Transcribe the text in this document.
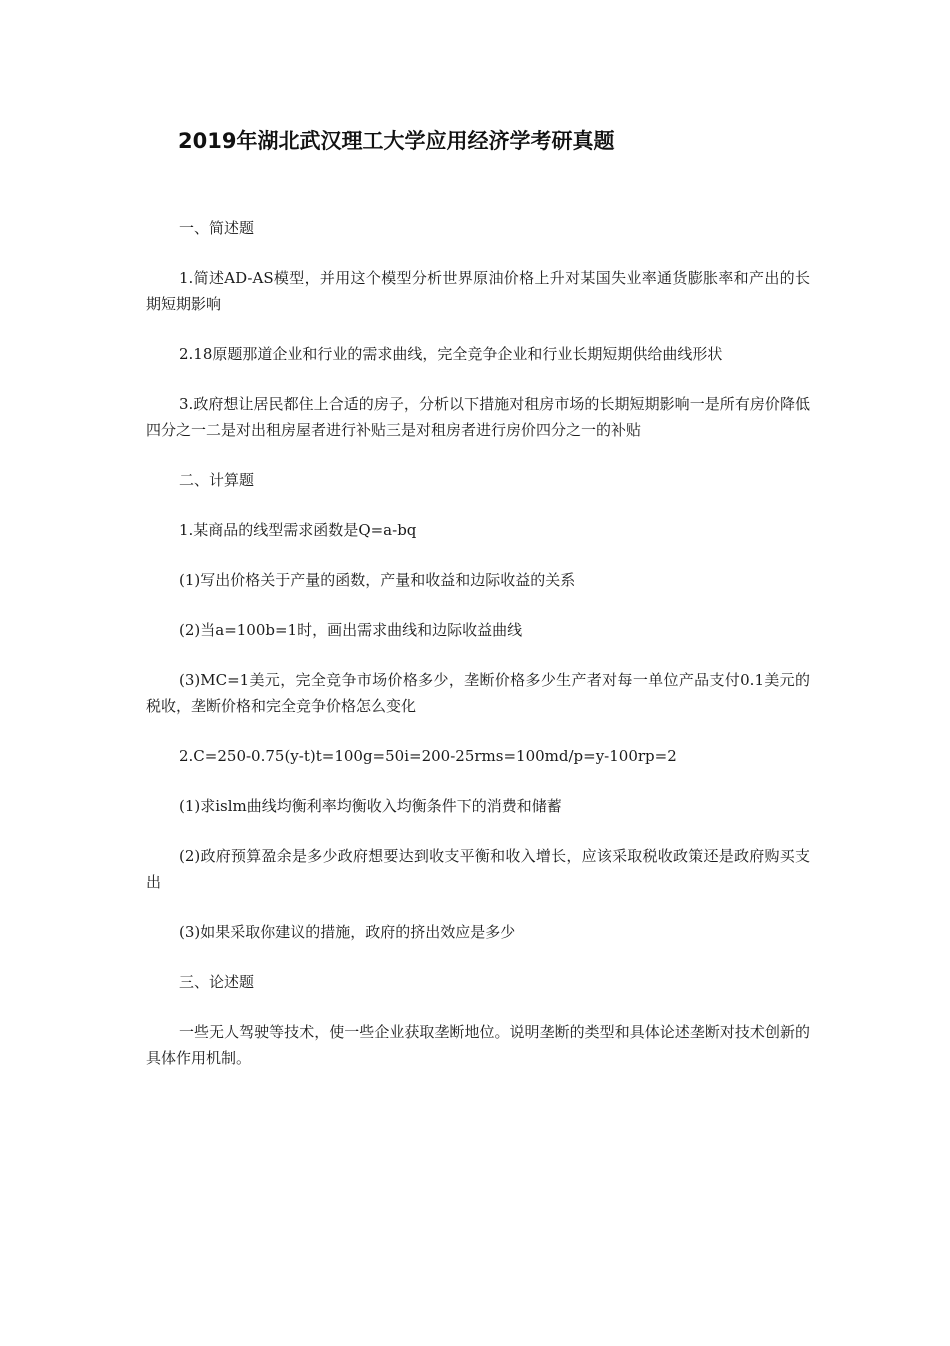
2019年湖北武汉理工大学应用经济学考研真题

一、简述题

1.简述AD-AS模型，并用这个模型分析世界原油价格上升对某国失业率通货膨胀率和产出的长期短期影响

2.18原题那道企业和行业的需求曲线，完全竞争企业和行业长期短期供给曲线形状

3.政府想让居民都住上合适的房子，分析以下措施对租房市场的长期短期影响一是所有房价降低四分之一二是对出租房屋者进行补贴三是对租房者进行房价四分之一的补贴

二、计算题

1.某商品的线型需求函数是Q=a-bq

(1)写出价格关于产量的函数，产量和收益和边际收益的关系

(2)当a=100b=1时，画出需求曲线和边际收益曲线

(3)MC=1美元，完全竞争市场价格多少，垄断价格多少生产者对每一单位产品支付0.1美元的税收，垄断价格和完全竞争价格怎么变化

2.C=250-0.75(y-t)t=100g=50i=200-25rms=100md/p=y-100rp=2

(1)求islm曲线均衡利率均衡收入均衡条件下的消费和储蓄

(2)政府预算盈余是多少政府想要达到收支平衡和收入增长，应该采取税收政策还是政府购买支出

(3)如果采取你建议的措施，政府的挤出效应是多少

三、论述题

一些无人驾驶等技术，使一些企业获取垄断地位。说明垄断的类型和具体论述垄断对技术创新的具体作用机制。
